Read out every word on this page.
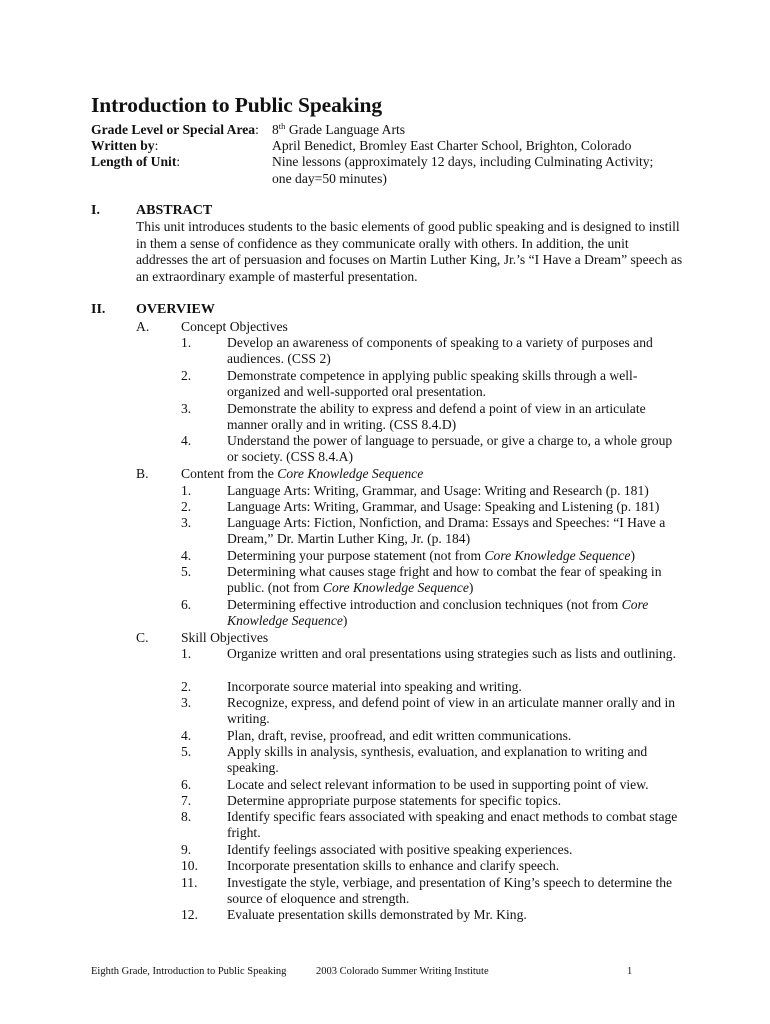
Introduction to Public Speaking
Grade Level or Special Area: 8th Grade Language Arts
Written by:	April Benedict, Bromley East Charter School, Brighton, Colorado
Length of Unit:	Nine lessons (approximately 12 days, including Culminating Activity; one day=50 minutes)
I.	ABSTRACT
This unit introduces students to the basic elements of good public speaking and is designed to instill in them a sense of confidence as they communicate orally with others. In addition, the unit addresses the art of persuasion and focuses on Martin Luther King, Jr.’s “I Have a Dream” speech as an extraordinary example of masterful presentation.
II. OVERVIEW
A. Concept Objectives
1.	Develop an awareness of components of speaking to a variety of purposes and audiences. (CSS 2)
2.	Demonstrate competence in applying public speaking skills through a well-organized and well-supported oral presentation.
3.	Demonstrate the ability to express and defend a point of view in an articulate manner orally and in writing. (CSS 8.4.D)
4.	Understand the power of language to persuade, or give a charge to, a whole group or society. (CSS 8.4.A)
B. Content from the Core Knowledge Sequence
1.	Language Arts: Writing, Grammar, and Usage: Writing and Research (p. 181)
2.	Language Arts: Writing, Grammar, and Usage: Speaking and Listening (p. 181)
3.	Language Arts: Fiction, Nonfiction, and Drama: Essays and Speeches: “I Have a Dream,” Dr. Martin Luther King, Jr. (p. 184)
4.	Determining your purpose statement (not from Core Knowledge Sequence)
5.	Determining what causes stage fright and how to combat the fear of speaking in public. (not from Core Knowledge Sequence)
6.	Determining effective introduction and conclusion techniques (not from Core Knowledge Sequence)
C. Skill Objectives
1.	Organize written and oral presentations using strategies such as lists and outlining.
2.	Incorporate source material into speaking and writing.
3.	Recognize, express, and defend point of view in an articulate manner orally and in writing.
4.	Plan, draft, revise, proofread, and edit written communications.
5.	Apply skills in analysis, synthesis, evaluation, and explanation to writing and speaking.
6.	Locate and select relevant information to be used in supporting point of view.
7.	Determine appropriate purpose statements for specific topics.
8.	Identify specific fears associated with speaking and enact methods to combat stage fright.
9.	Identify feelings associated with positive speaking experiences.
10. Incorporate presentation skills to enhance and clarify speech.
11. Investigate the style, verbiage, and presentation of King’s speech to determine the source of eloquence and strength.
12. Evaluate presentation skills demonstrated by Mr. King.
Eighth Grade, Introduction to Public Speaking	2003 Colorado Summer Writing Institute	1
